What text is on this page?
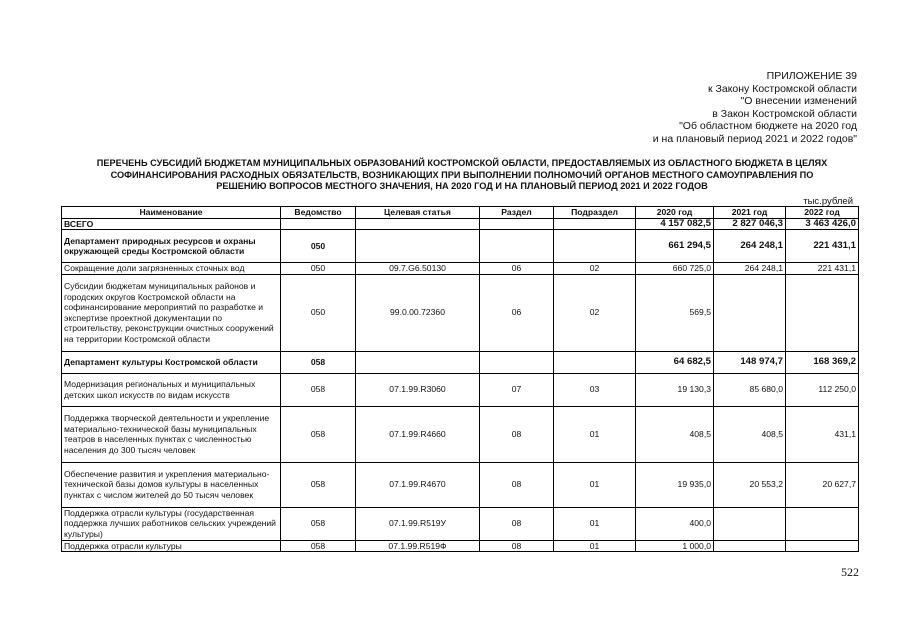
ПРИЛОЖЕНИЕ 39
к Закону Костромской области
"О внесении изменений
в Закон Костромской области
"Об областном бюджете на 2020 год
и на плановый период 2021 и 2022 годов"
ПЕРЕЧЕНЬ СУБСИДИЙ БЮДЖЕТАМ МУНИЦИПАЛЬНЫХ ОБРАЗОВАНИЙ КОСТРОМСКОЙ ОБЛАСТИ, ПРЕДОСТАВЛЯЕМЫХ ИЗ ОБЛАСТНОГО БЮДЖЕТА В ЦЕЛЯХ
СОФИНАНСИРОВАНИЯ РАСХОДНЫХ ОБЯЗАТЕЛЬСТВ, ВОЗНИКАЮЩИХ ПРИ ВЫПОЛНЕНИИ ПОЛНОМОЧИЙ ОРГАНОВ МЕСТНОГО САМОУПРАВЛЕНИЯ ПО
РЕШЕНИЮ ВОПРОСОВ МЕСТНОГО ЗНАЧЕНИЯ, НА 2020 ГОД И НА ПЛАНОВЫЙ ПЕРИОД 2021 И 2022 ГОДОВ
тыс.рублей
Наименование	Ведомство	Целевая статья	Раздел	Подраздел	2020 год	2021 год	2022 год
ВСЕГО					4 157 082,5	2 827 046,3	3 463 426,0
Департамент природных ресурсов и охраны окружающей среды Костромской области	050				661 294,5	264 248,1	221 431,1
Сокращение доли загрязненных сточных вод	050	09.7.G6.50130	06	02	660 725,0	264 248,1	221 431,1
Субсидии бюджетам муниципальных районов и городских округов Костромской области на софинансирование мероприятий по разработке и экспертизе проектной документации по строительству, реконструкции очистных сооружений на территории Костромской области	050	99.0.00.72360	06	02	569,5		
Департамент культуры Костромской области	058				64 682,5	148 974,7	168 369,2
Модернизация региональных и муниципальных детских школ искусств по видам искусств	058	07.1.99.R3060	07	03	19 130,3	85 680,0	112 250,0
Поддержка творческой деятельности и укрепление материально-технической базы муниципальных театров в населенных пунктах с численностью населения до 300 тысяч человек	058	07.1.99.R4660	08	01	408,5	408,5	431,1
Обеспечение развития и укрепления материально-технической базы домов культуры в населенных пунктах с числом жителей до 50 тысяч человек	058	07.1.99.R4670	08	01	19 935,0	20 553,2	20 627,7
Поддержка отрасли культуры (государственная поддержка лучших работников сельских учреждений культуры)	058	07.1.99.R519У	08	01	400,0		
Поддержка отрасли культуры	058	07.1.99.R519Ф	08	01	1 000,0		
522
